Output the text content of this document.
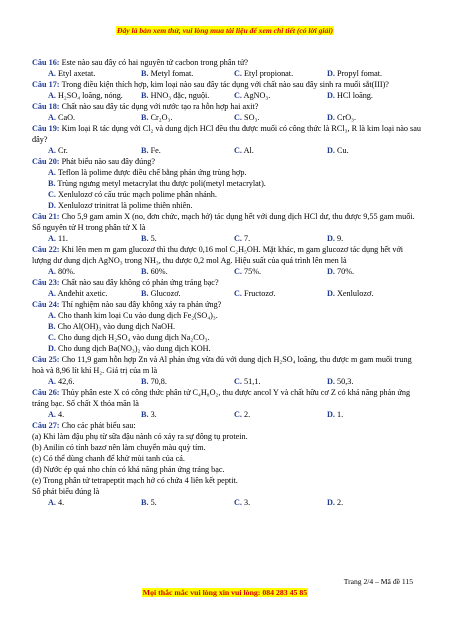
Đây là bản xem thử, vui lòng mua tài liệu để xem chi tiết (có lời giải)
Câu 16: Este nào sau đây có hai nguyên tử cacbon trong phân tử?
A. Etyl axetat.	B. Metyl fomat.	C. Etyl propionat.	D. Propyl fomat.
Câu 17: Trong điều kiện thích hợp, kim loại nào sau đây tác dụng với chất nào sau đây sinh ra muối sắt(III)?
A. H₂SO₄ loãng, nóng.	B. HNO₃ đặc, nguội.	C. AgNO₃.	D. HCl loãng.
Câu 18: Chất nào sau đây tác dụng với nước tạo ra hỗn hợp hai axit?
A. CaO.	B. Cr₂O₃.	C. SO₃.	D. CrO₃.
Câu 19: Kim loại R tác dụng với Cl₂ và dung dịch HCl đều thu được muối có công thức là RCl₃, R là kim loại nào sau đây?
A. Cr.	B. Fe.	C. Al.	D. Cu.
Câu 20: Phát biểu nào sau đây đúng?
A. Teflon là polime được điều chế bằng phản ứng trùng hợp.
B. Trùng ngưng metyl metacrylat thu được poli(metyl metacrylat).
C. Xenlulozơ có cấu trúc mạch polime phân nhánh.
D. Xenlulozơ trinitrat là polime thiên nhiên.
Câu 21: Cho 5,9 gam amin X (no, đơn chức, mạch hở) tác dụng hết với dung dịch HCl dư, thu được 9,55 gam muối. Số nguyên tử H trong phân tử X là
A. 11.	B. 5.	C. 7.	D. 9.
Câu 22: Khi lên men m gam glucozơ thì thu được 0,16 mol C₂H₅OH. Mặt khác, m gam glucozơ tác dụng hết với lượng dư dung dịch AgNO₃ trong NH₃, thu được 0,2 mol Ag. Hiệu suất của quá trình lên men là
A. 80%.	B. 60%.	C. 75%.	D. 70%.
Câu 23: Chất nào sau đây không có phản ứng tráng bạc?
A. Anđehit axetic.	B. Glucozơ.	C. Fructozơ.	D. Xenlulozơ.
Câu 24: Thí nghiệm nào sau đây không xảy ra phản ứng?
A. Cho thanh kim loại Cu vào dung dịch Fe₂(SO₄)₃.
B. Cho Al(OH)₃ vào dung dịch NaOH.
C. Cho dung dịch H₂SO₄ vào dung dịch Na₂CO₃.
D. Cho dung dịch Ba(NO₃)₂ vào dung dịch KOH.
Câu 25: Cho 11,9 gam hỗn hợp Zn và Al phản ứng vừa đủ với dung dịch H₂SO₄ loãng, thu được m gam muối trung hoà và 8,96 lít khí H₂. Giá trị của m là
A. 42,6.	B. 70,8.	C. 51,1.	D. 50,3.
Câu 26: Thủy phân este X có công thức phân tử C₄H₈O₂, thu được ancol Y và chất hữu cơ Z có khả năng phản ứng tráng bạc. Số chất X thỏa mãn là
A. 4.	B. 3.	C. 2.	D. 1.
Câu 27: Cho các phát biểu sau:
(a) Khi làm đậu phụ từ sữa đậu nành có xảy ra sự đông tụ protein.
(b) Anilin có tính bazơ nên làm chuyển màu quỳ tím.
(c) Có thể dùng chanh để khử mùi tanh của cá.
(d) Nước ép quả nho chín có khả năng phản ứng tráng bạc.
(e) Trong phân tử tetrapeptit mạch hở có chứa 4 liên kết peptit.
Số phát biểu đúng là
A. 4.	B. 5.	C. 3.	D. 2.
Trang 2/4 – Mã đề 115
Mọi thắc mắc vui lòng xin vui lòng: 084 283 45 85
